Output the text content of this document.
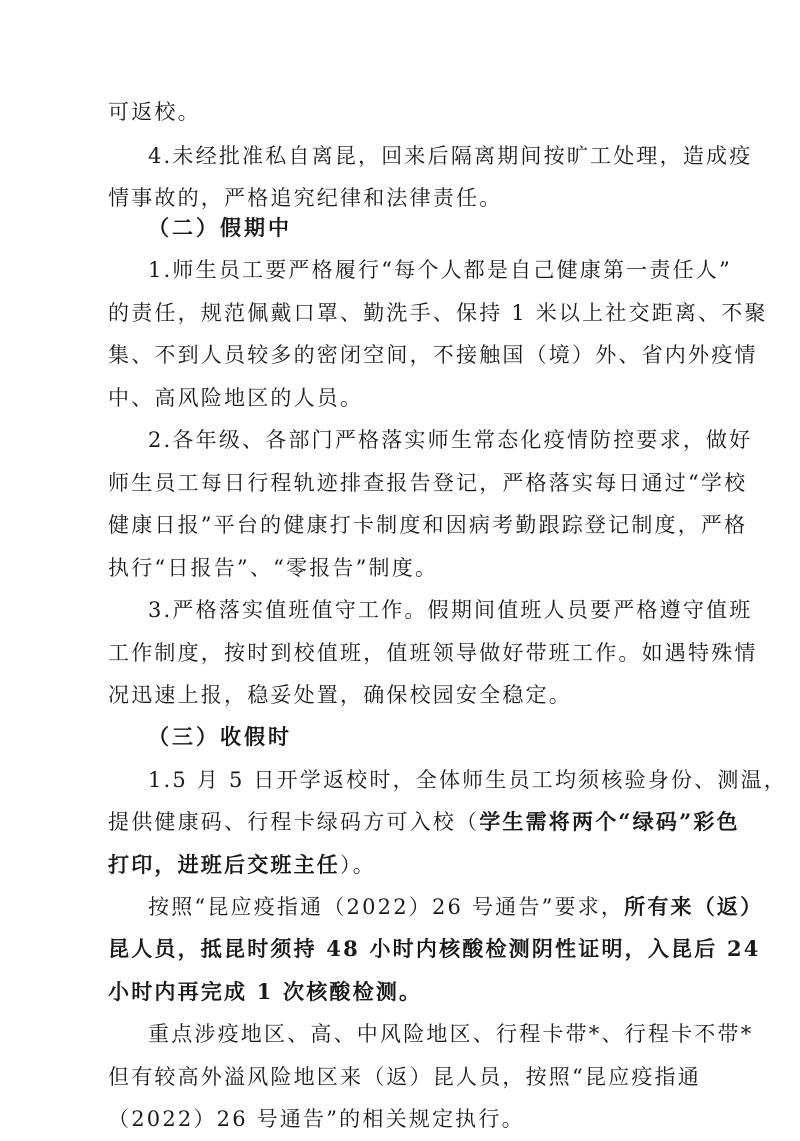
可返校。
4.未经批准私自离昆，回来后隔离期间按旷工处理，造成疫
情事故的，严格追究纪律和法律责任。
（二）假期中
1.师生员工要严格履行“每个人都是自己健康第一责任人”
的责任，规范佩戴口罩、勤洗手、保持 1 米以上社交距离、不聚
集、不到人员较多的密闭空间，不接触国（境）外、省内外疫情
中、高风险地区的人员。
2.各年级、各部门严格落实师生常态化疫情防控要求，做好
师生员工每日行程轨迹排查报告登记，严格落实每日通过“学校
健康日报”平台的健康打卡制度和因病考勤跟踪登记制度，严格
执行“日报告”、“零报告”制度。
3.严格落实值班值守工作。假期间值班人员要严格遵守值班
工作制度，按时到校值班，值班领导做好带班工作。如遇特殊情
况迅速上报，稳妥处置，确保校园安全稳定。
（三）收假时
1.5 月 5 日开学返校时，全体师生员工均须核验身份、测温，
提供健康码、行程卡绿码方可入校（学生需将两个“绿码”彩色
打印，进班后交班主任）。
按照“昆应疫指通（2022）26 号通告”要求，所有来（返）
昆人员，抵昆时须持 48 小时内核酸检测阴性证明，入昆后 24
小时内再完成 1 次核酸检测。
重点涉疫地区、高、中风险地区、行程卡带*、行程卡不带*
但有较高外溢风险地区来（返）昆人员，按照“昆应疫指通
（2022）26 号通告”的相关规定执行。
